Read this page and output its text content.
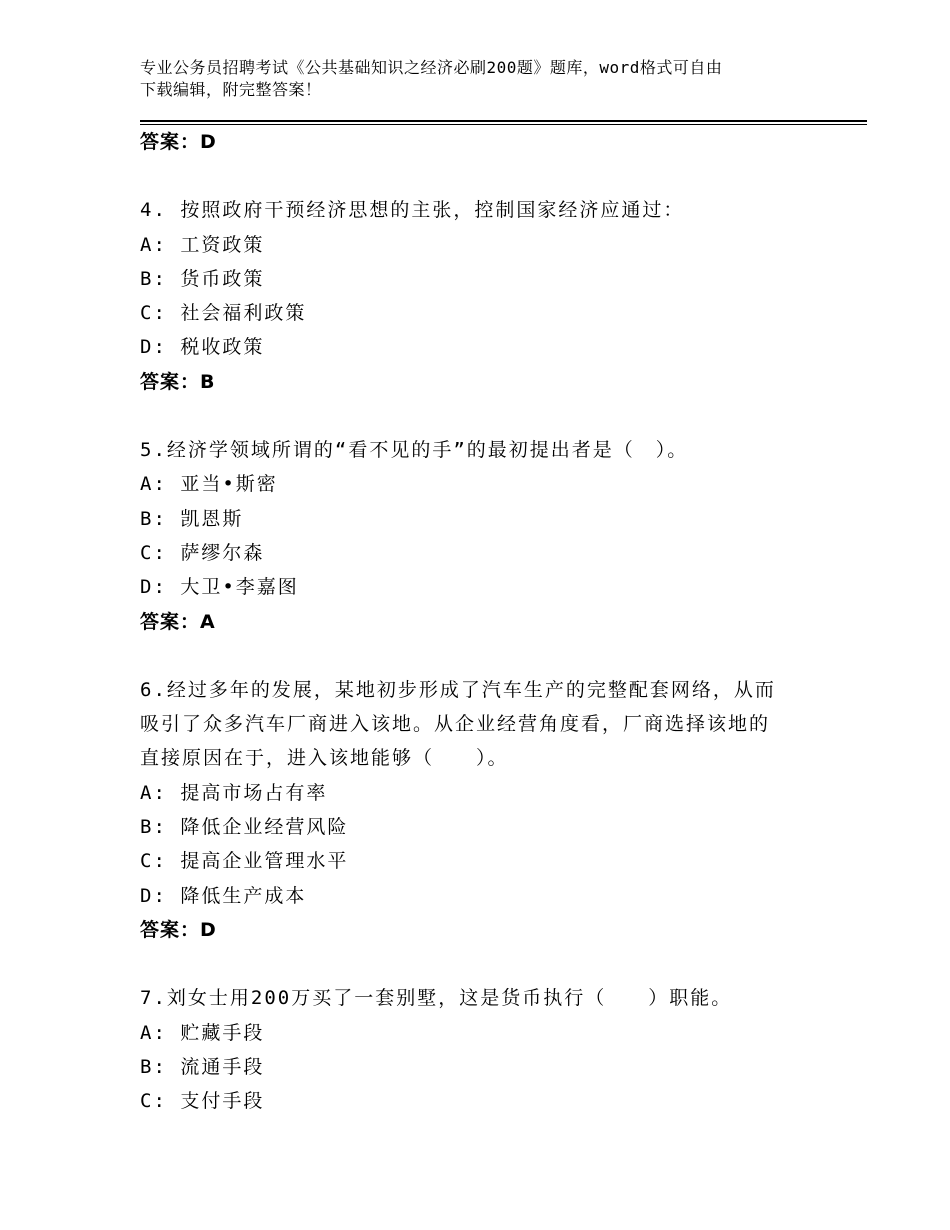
专业公务员招聘考试《公共基础知识之经济必刷200题》题库，word格式可自由
下载编辑，附完整答案！
答案：D
4. 按照政府干预经济思想的主张，控制国家经济应通过：
A: 工资政策
B: 货币政策
C: 社会福利政策
D: 税收政策
答案：B
5.经济学领域所谓的“看不见的手”的最初提出者是（　）。
A: 亚当•斯密
B: 凯恩斯
C: 萨缪尔森
D: 大卫•李嘉图
答案：A
6.经过多年的发展，某地初步形成了汽车生产的完整配套网络，从而
吸引了众多汽车厂商进入该地。从企业经营角度看，厂商选择该地的
直接原因在于，进入该地能够（　　）。
A: 提高市场占有率
B: 降低企业经营风险
C: 提高企业管理水平
D: 降低生产成本
答案：D
7.刘女士用200万买了一套别墅，这是货币执行（　　）职能。
A: 贮藏手段
B: 流通手段
C: 支付手段
